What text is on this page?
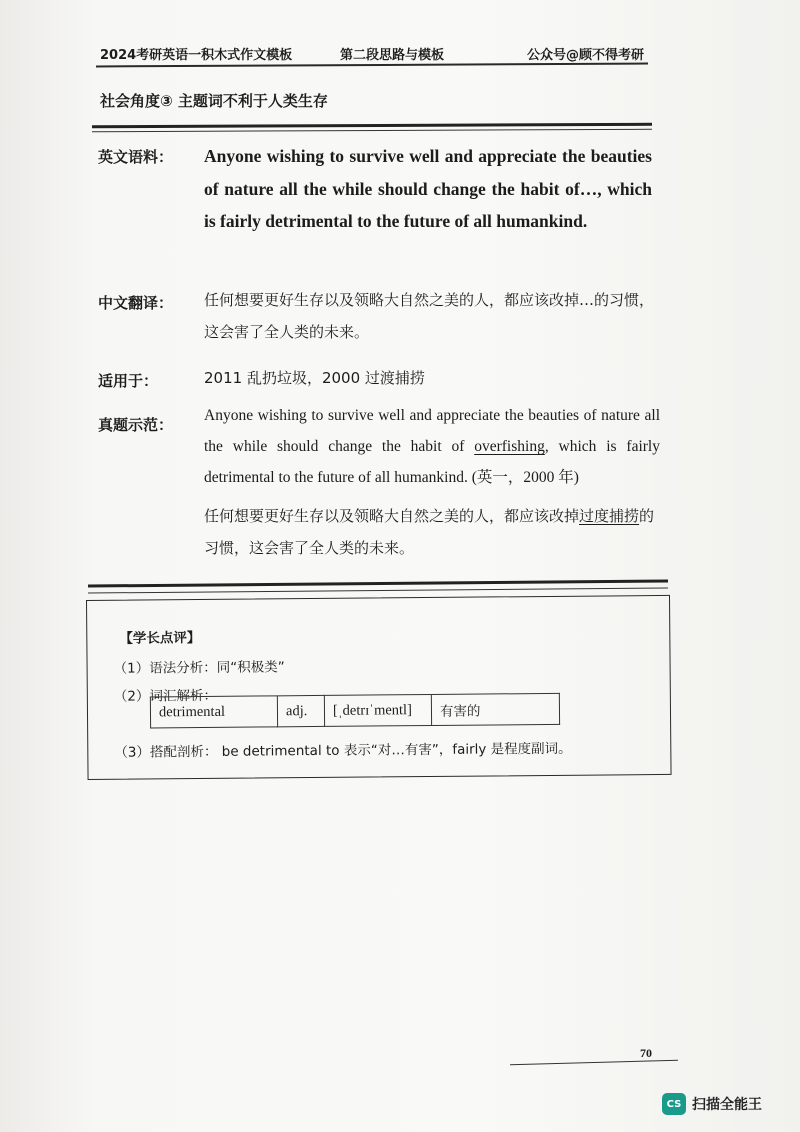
2024考研英语一积木式作文模板	第二段思路与模板	公众号@顾不得考研
社会角度③ 主题词不利于人类生存
英文语料： Anyone wishing to survive well and appreciate the beauties of nature all the while should change the habit of…, which is fairly detrimental to the future of all humankind.
中文翻译： 任何想要更好生存以及领略大自然之美的人，都应该改掉…的习惯，这会害了全人类的未来。
适用于：	2011 乱扔垃圾，2000 过渡捕捞
真题示范：
Anyone wishing to survive well and appreciate the beauties of nature all the while should change the habit of overfishing, which is fairly detrimental to the future of all humankind. (英一，2000 年)
任何想要更好生存以及领略大自然之美的人，都应该改掉过度捕捞的习惯，这会害了全人类的未来。
【学长点评】
（1）语法分析：同“积极类”
（2）词汇解析：
detrimental	adj.	[ˌdetrɪˈmentl]	有害的
（3）搭配剖析： be detrimental to 表示“对…有害”，fairly 是程度副词。
70
CS 扫描全能王
